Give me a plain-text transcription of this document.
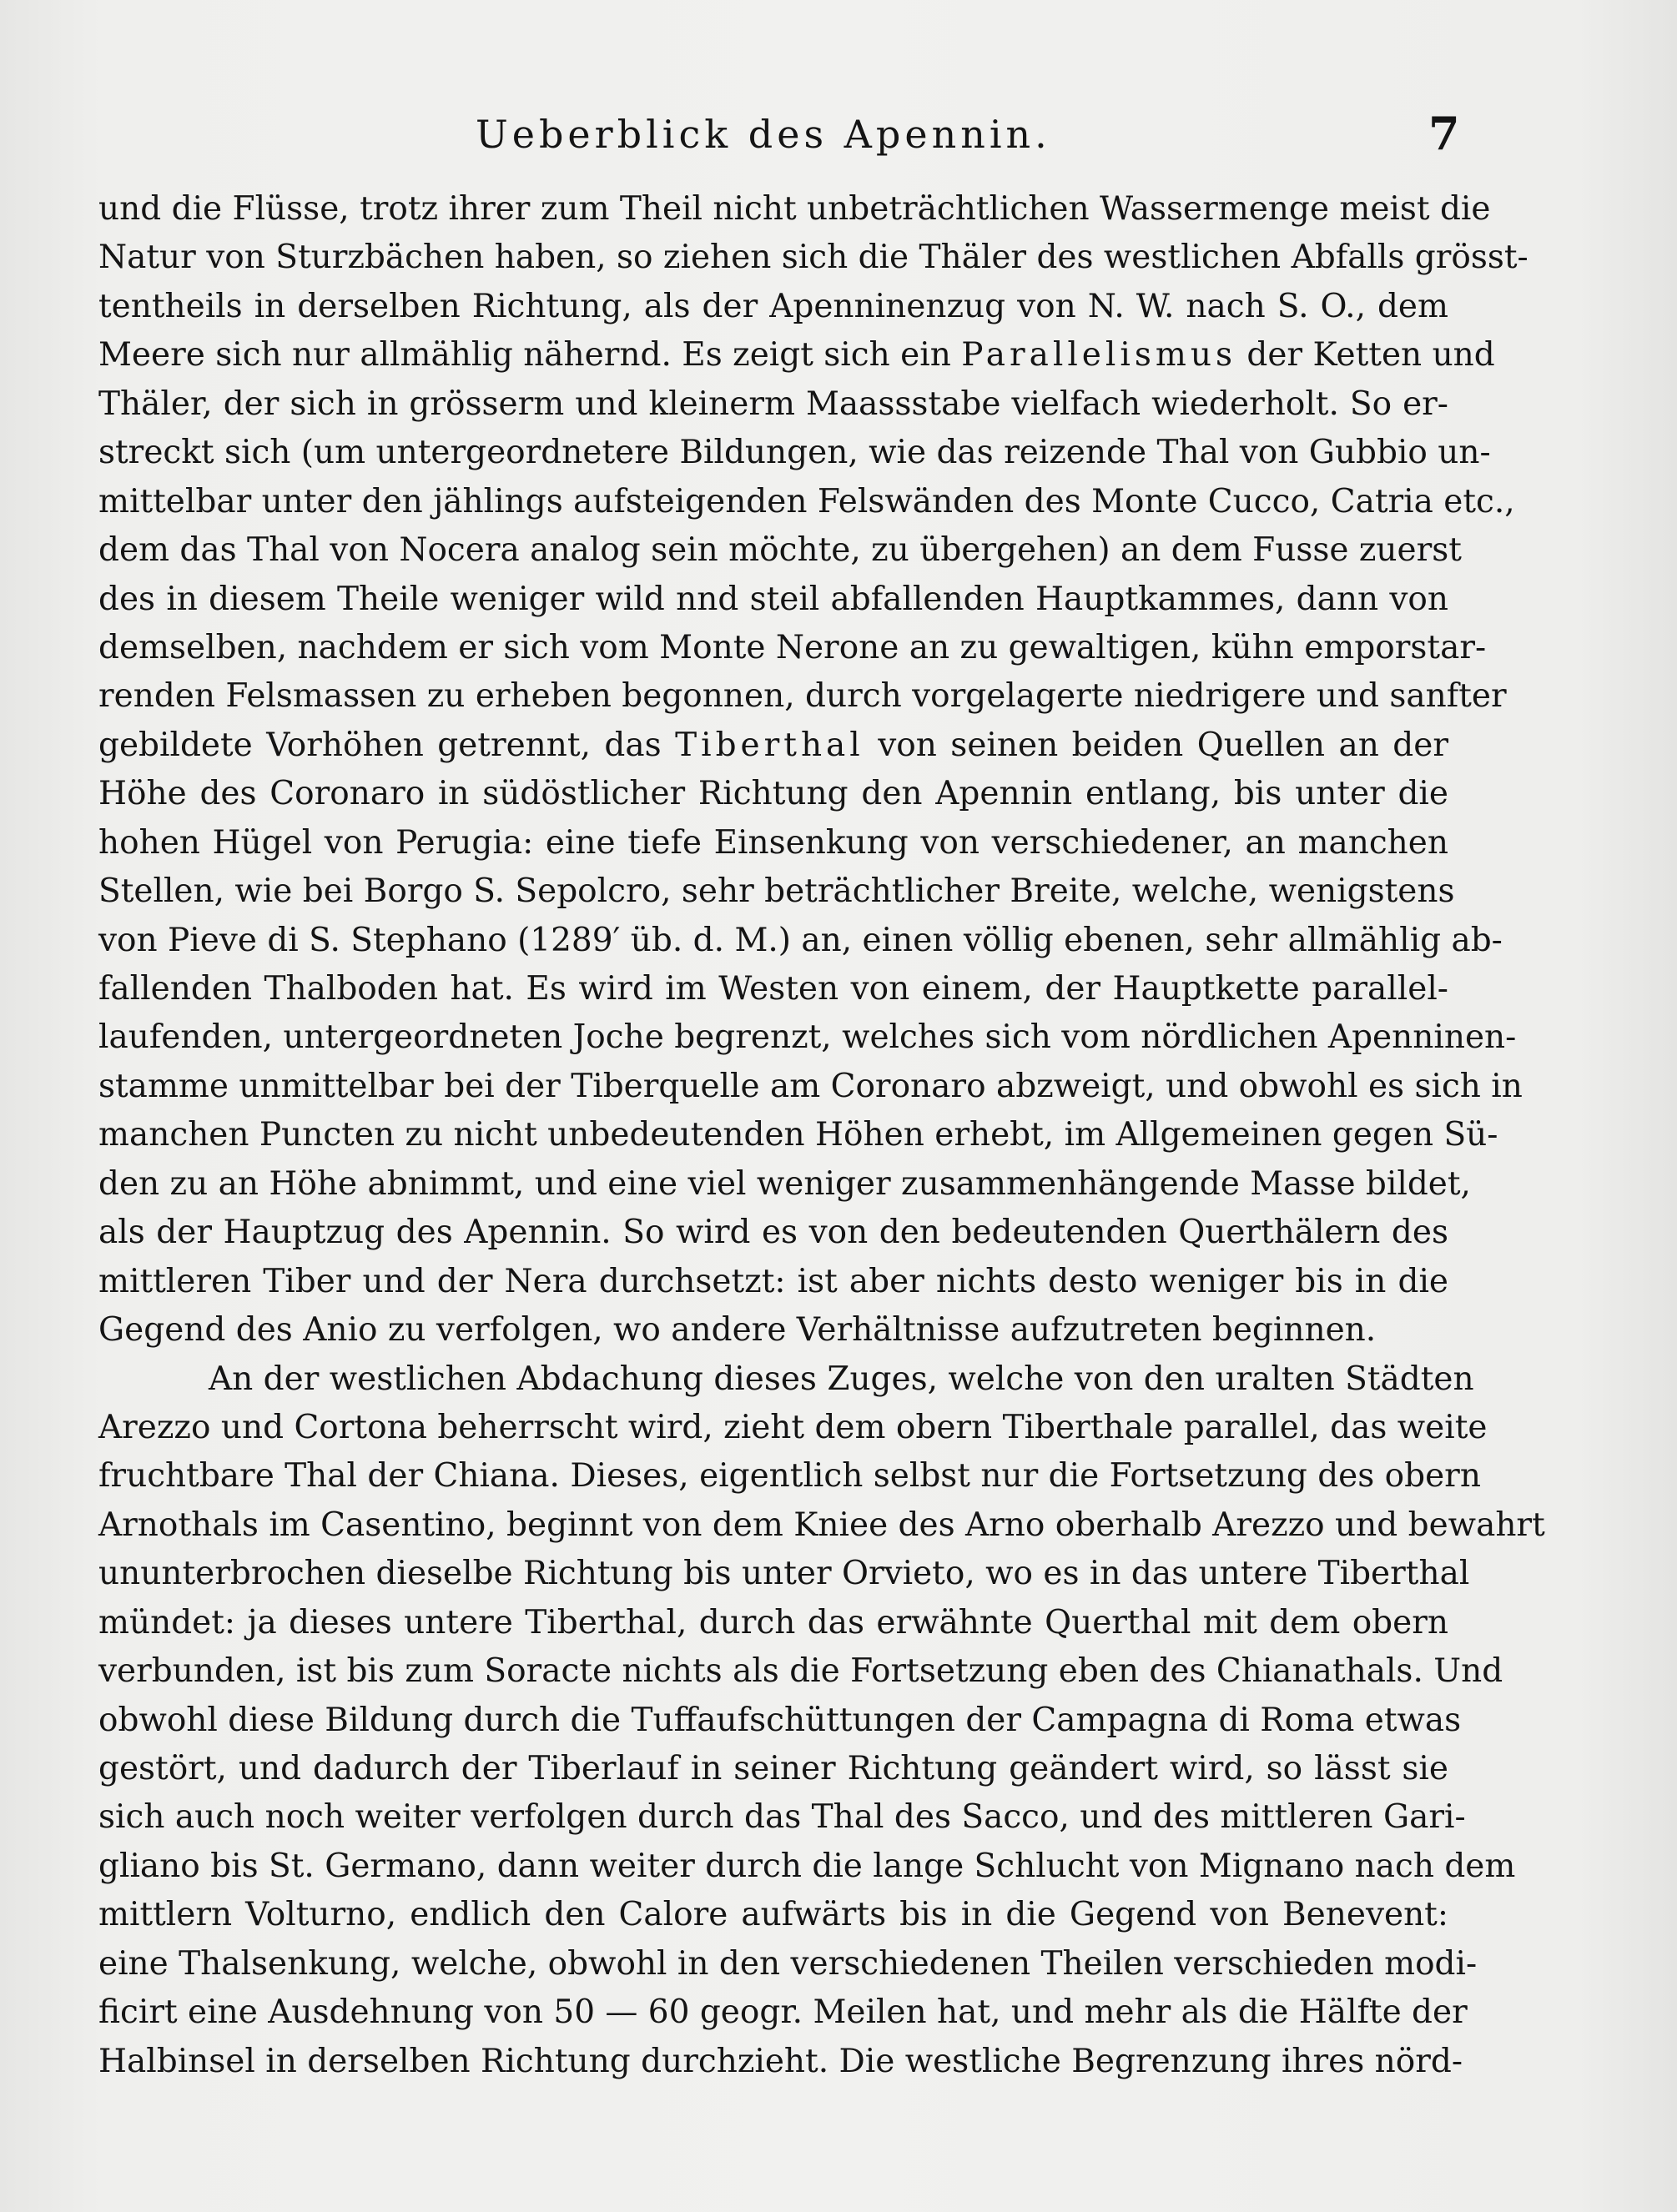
Ueberblick des Apennin.	7
und die Flüsse, trotz ihrer zum Theil nicht unbeträchtlichen Wassermenge meist die
Natur von Sturzbächen haben, so ziehen sich die Thäler des westlichen Abfalls grösst-
tentheils in derselben Richtung, als der Apenninenzug von N. W. nach S. O., dem
Meere sich nur allmählig nähernd. Es zeigt sich ein Parallelismus der Ketten und
Thäler, der sich in grösserm und kleinerm Maassstabe vielfach wiederholt. So er-
streckt sich (um untergeordnetere Bildungen, wie das reizende Thal von Gubbio un-
mittelbar unter den jählings aufsteigenden Felswänden des Monte Cucco, Catria etc.,
dem das Thal von Nocera analog sein möchte, zu übergehen) an dem Fusse zuerst
des in diesem Theile weniger wild nnd steil abfallenden Hauptkammes, dann von
demselben, nachdem er sich vom Monte Nerone an zu gewaltigen, kühn emporstar-
renden Felsmassen zu erheben begonnen, durch vorgelagerte niedrigere und sanfter
gebildete Vorhöhen getrennt, das Tiberthal von seinen beiden Quellen an der
Höhe des Coronaro in südöstlicher Richtung den Apennin entlang, bis unter die
hohen Hügel von Perugia: eine tiefe Einsenkung von verschiedener, an manchen
Stellen, wie bei Borgo S. Sepolcro, sehr beträchtlicher Breite, welche, wenigstens
von Pieve di S. Stephano (1289′ üb. d. M.) an, einen völlig ebenen, sehr allmählig ab-
fallenden Thalboden hat. Es wird im Westen von einem, der Hauptkette parallel-
laufenden, untergeordneten Joche begrenzt, welches sich vom nördlichen Apenninen-
stamme unmittelbar bei der Tiberquelle am Coronaro abzweigt, und obwohl es sich in
manchen Puncten zu nicht unbedeutenden Höhen erhebt, im Allgemeinen gegen Sü-
den zu an Höhe abnimmt, und eine viel weniger zusammenhängende Masse bildet,
als der Hauptzug des Apennin. So wird es von den bedeutenden Querthälern des
mittleren Tiber und der Nera durchsetzt: ist aber nichts desto weniger bis in die
Gegend des Anio zu verfolgen, wo andere Verhältnisse aufzutreten beginnen.
An der westlichen Abdachung dieses Zuges, welche von den uralten Städten
Arezzo und Cortona beherrscht wird, zieht dem obern Tiberthale parallel, das weite
fruchtbare Thal der Chiana. Dieses, eigentlich selbst nur die Fortsetzung des obern
Arnothals im Casentino, beginnt von dem Kniee des Arno oberhalb Arezzo und bewahrt
ununterbrochen dieselbe Richtung bis unter Orvieto, wo es in das untere Tiberthal
mündet: ja dieses untere Tiberthal, durch das erwähnte Querthal mit dem obern
verbunden, ist bis zum Soracte nichts als die Fortsetzung eben des Chianathals. Und
obwohl diese Bildung durch die Tuffaufschüttungen der Campagna di Roma etwas
gestört, und dadurch der Tiberlauf in seiner Richtung geändert wird, so lässt sie
sich auch noch weiter verfolgen durch das Thal des Sacco, und des mittleren Gari-
gliano bis St. Germano, dann weiter durch die lange Schlucht von Mignano nach dem
mittlern Volturno, endlich den Calore aufwärts bis in die Gegend von Benevent:
eine Thalsenkung, welche, obwohl in den verschiedenen Theilen verschieden modi-
ficirt eine Ausdehnung von 50 — 60 geogr. Meilen hat, und mehr als die Hälfte der
Halbinsel in derselben Richtung durchzieht. Die westliche Begrenzung ihres nörd-
